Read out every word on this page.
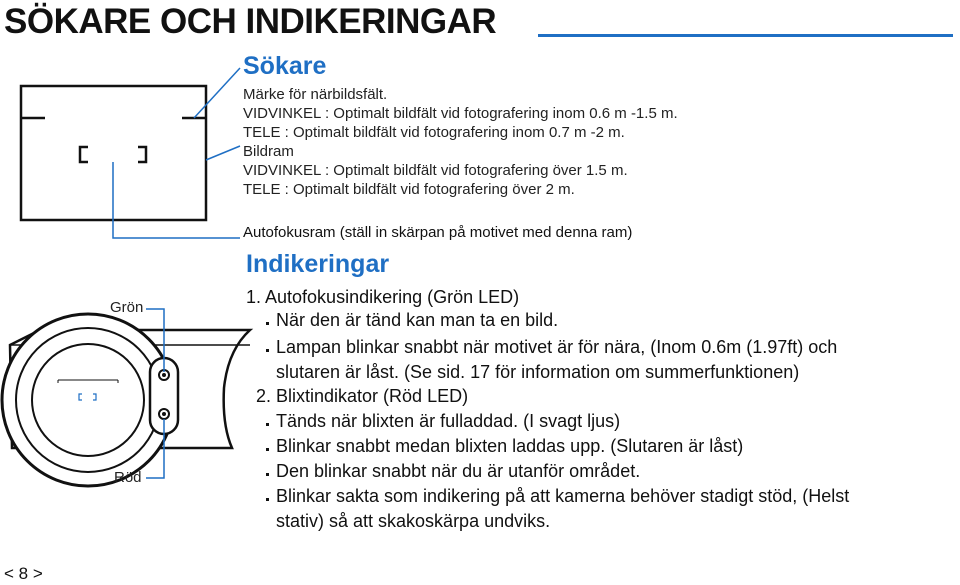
SÖKARE OCH INDIKERINGAR
Sökare
Märke för närbildsfält.
VIDVINKEL : Optimalt bildfält vid fotografering inom 0.6 m -1.5 m.
TELE : Optimalt bildfält vid fotografering inom 0.7 m -2 m.
Bildram
VIDVINKEL : Optimalt bildfält vid fotografering över 1.5 m.
TELE : Optimalt bildfält vid fotografering över 2 m.
Autofokusram (ställ in skärpan på motivet med denna ram)
Indikeringar
1. Autofokusindikering (Grön LED)
När den är tänd kan man ta en bild.
Lampan blinkar snabbt när motivet är för nära, (Inom 0.6m (1.97ft) och
slutaren är låst. (Se sid. 17 för information om summerfunktionen)
2. Blixtindikator (Röd LED)
Tänds när blixten är fulladdad. (I svagt ljus)
Blinkar snabbt medan blixten laddas upp. (Slutaren är låst)
Den blinkar snabbt när du är utanför området.
Blinkar sakta som indikering på att kamerna behöver stadigt stöd, (Helst
stativ) så att skakoskärpa undviks.
Grön
Röd
< 8 >
